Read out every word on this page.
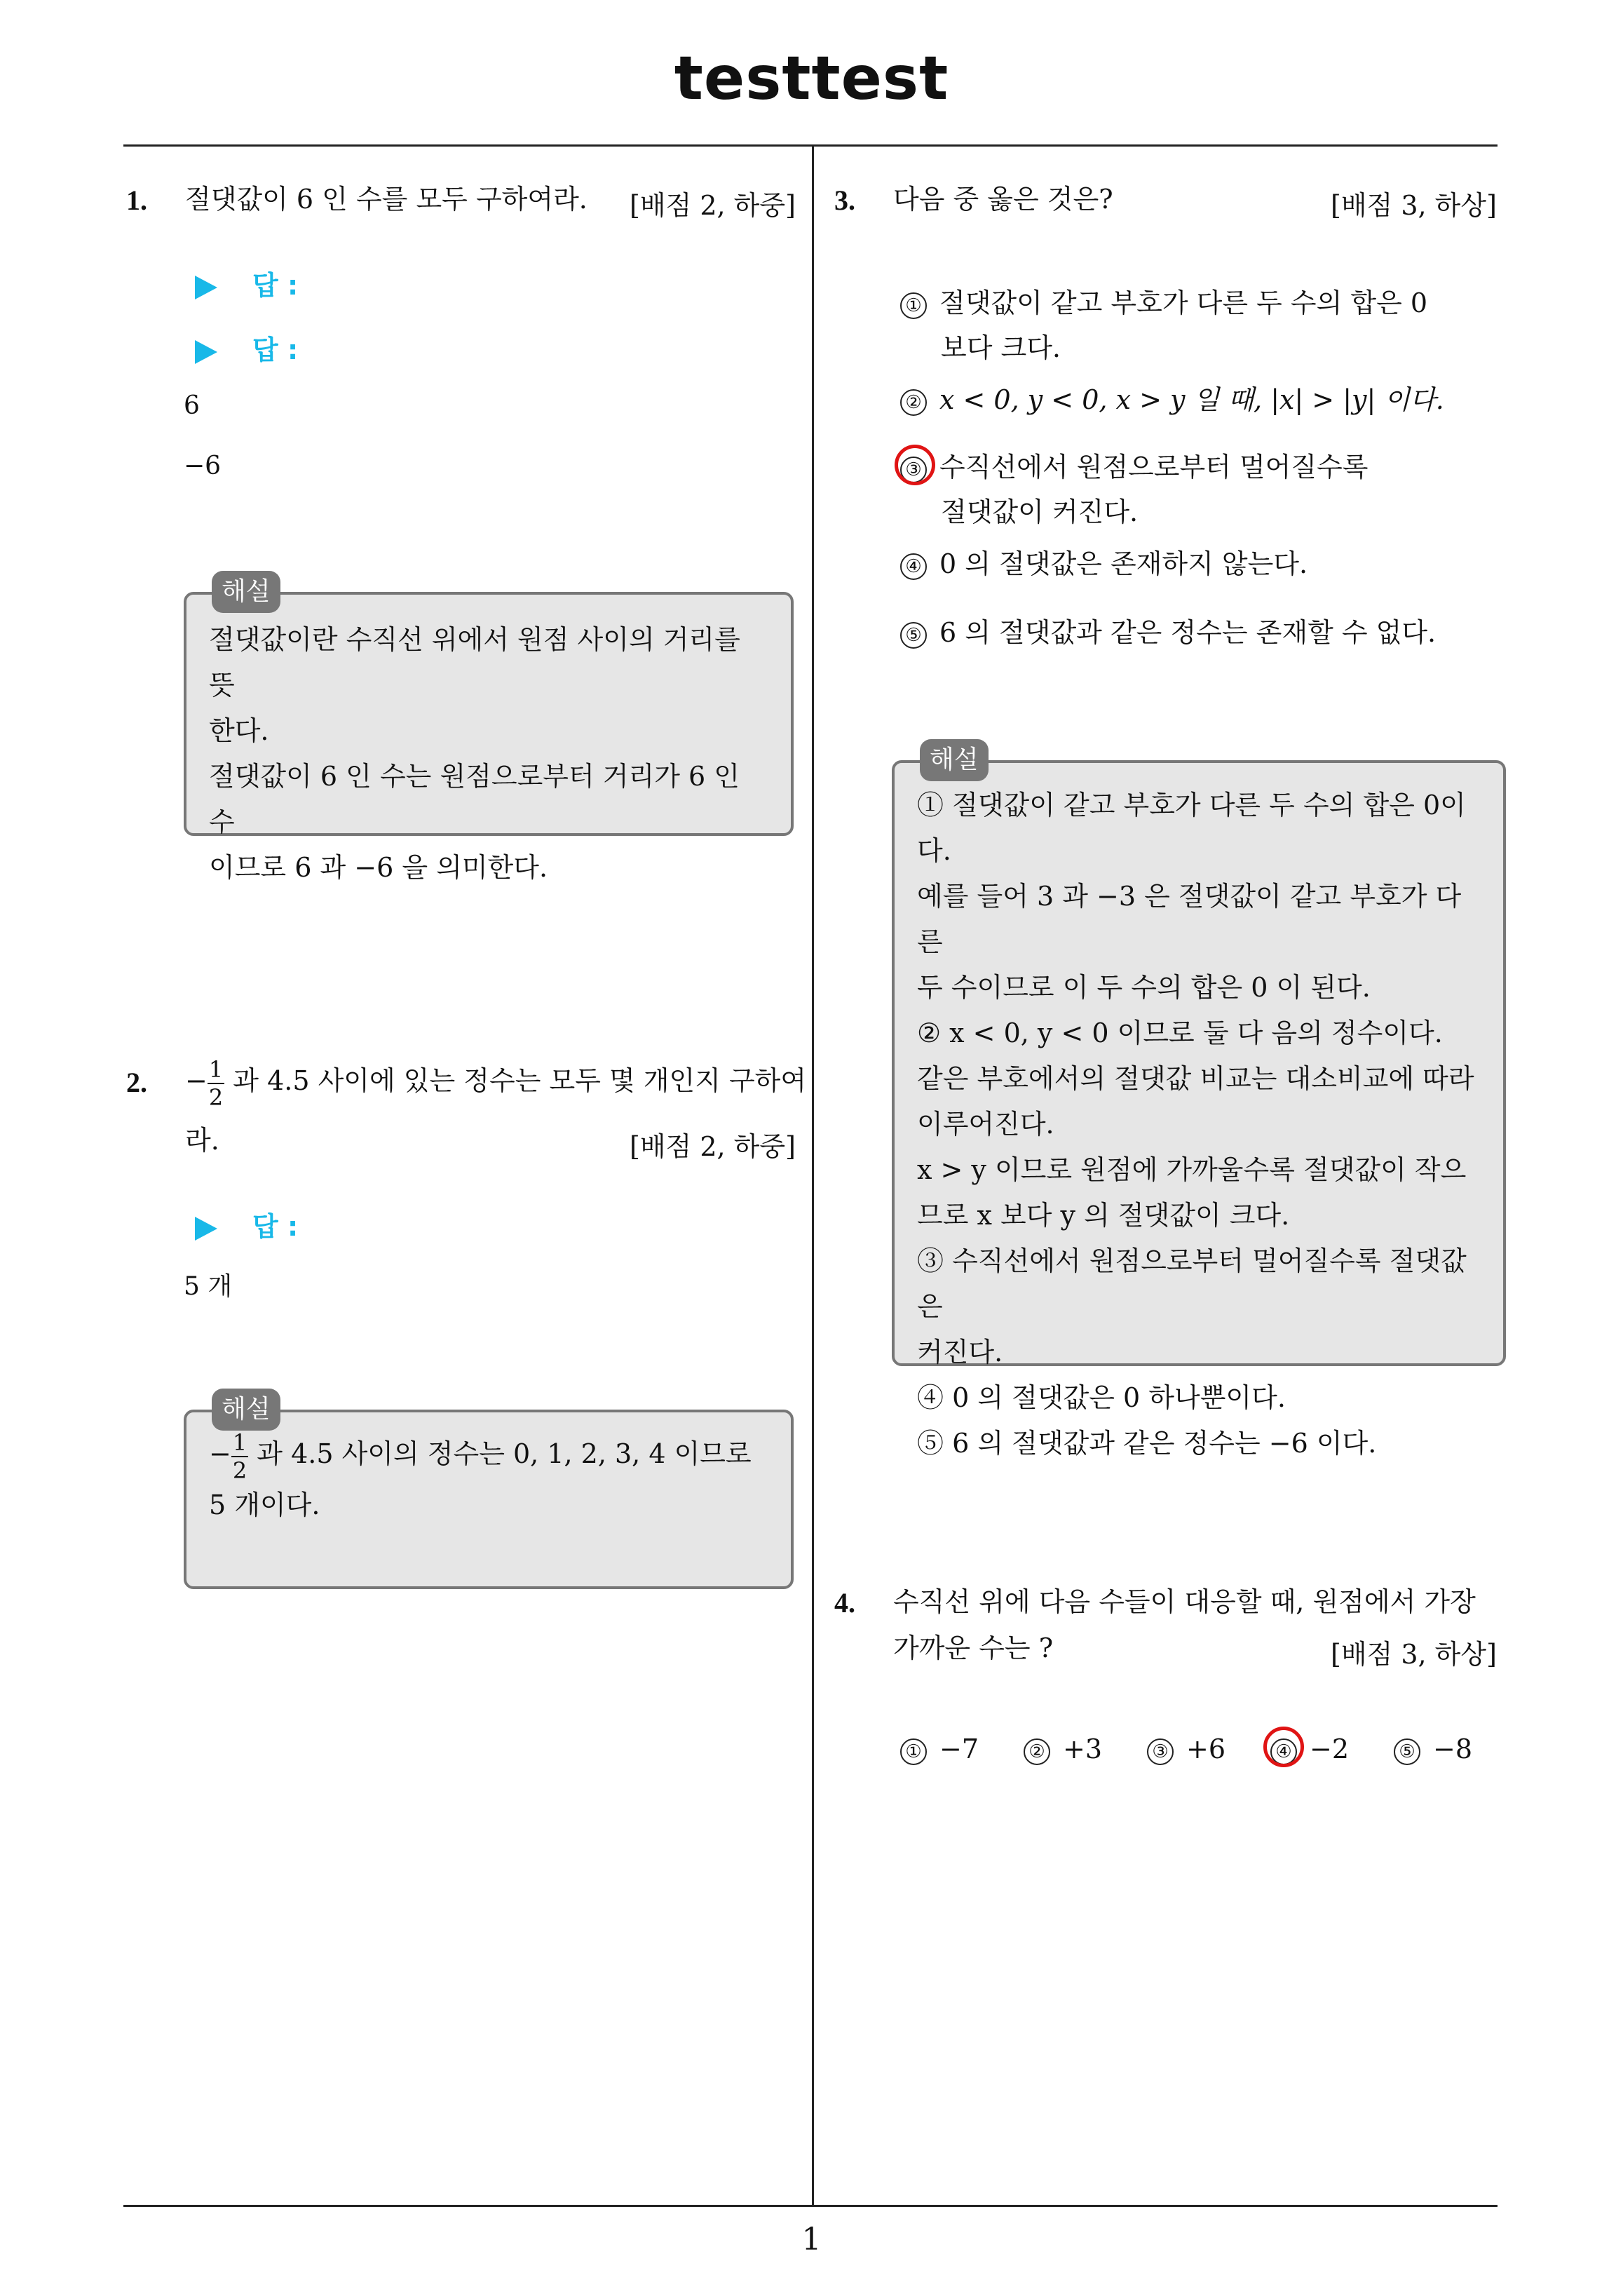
testtest
1. 절댓값이 6 인 수를 모두 구하여라. [배점 2, 하중]
답 :
답 :
6
−6
해설

절댓값이란 수직선 위에서 원점 사이의 거리를 뜻

한다.

절댓값이 6 인 수는 원점으로부터 거리가 6 인 수

이므로 6 과 −6 을 의미한다.

2. − $\frac{1}{2}$ 과 4.5 사이에 있는 정수는 모두 몇 개인지 구하여
라.	[배점 2, 하중]
답 :
5 개
해설

− $\frac{1}{2}$ 과 4.5 사이의 정수는 0, 1, 2, 3, 4 이므로

5 개이다.

3. 다음 중 옳은 것은?	[배점 3, 하상]
① 절댓값이 같고 부호가 다른 두 수의 합은 0
보다 크다.
② x < 0, y < 0, x > y 일 때, |x| > |y| 이다.
③ 수직선에서 원점으로부터 멀어질수록
절댓값이 커진다.
④ 0 의 절댓값은 존재하지 않는다.
⑤ 6 의 절댓값과 같은 정수는 존재할 수 없다.
해설

① 절댓값이 같고 부호가 다른 두 수의 합은 0이다.

예를 들어 3 과 −3 은 절댓값이 같고 부호가 다른

두 수이므로 이 두 수의 합은 0 이 된다.

② x < 0, y < 0 이므로 둘 다 음의 정수이다.

같은 부호에서의 절댓값 비교는 대소비교에 따라

이루어진다.

x > y 이므로 원점에 가까울수록 절댓값이 작으

므로 x 보다 y 의 절댓값이 크다.

③ 수직선에서 원점으로부터 멀어질수록 절댓값은

커진다.

④ 0 의 절댓값은 0 하나뿐이다.

⑤ 6 의 절댓값과 같은 정수는 −6 이다.

4. 수직선 위에 다음 수들이 대응할 때, 원점에서 가장
가까운 수는 ?	[배점 3, 하상]
① −7	② +3	③ +6	④ −2	⑤ −8
1
